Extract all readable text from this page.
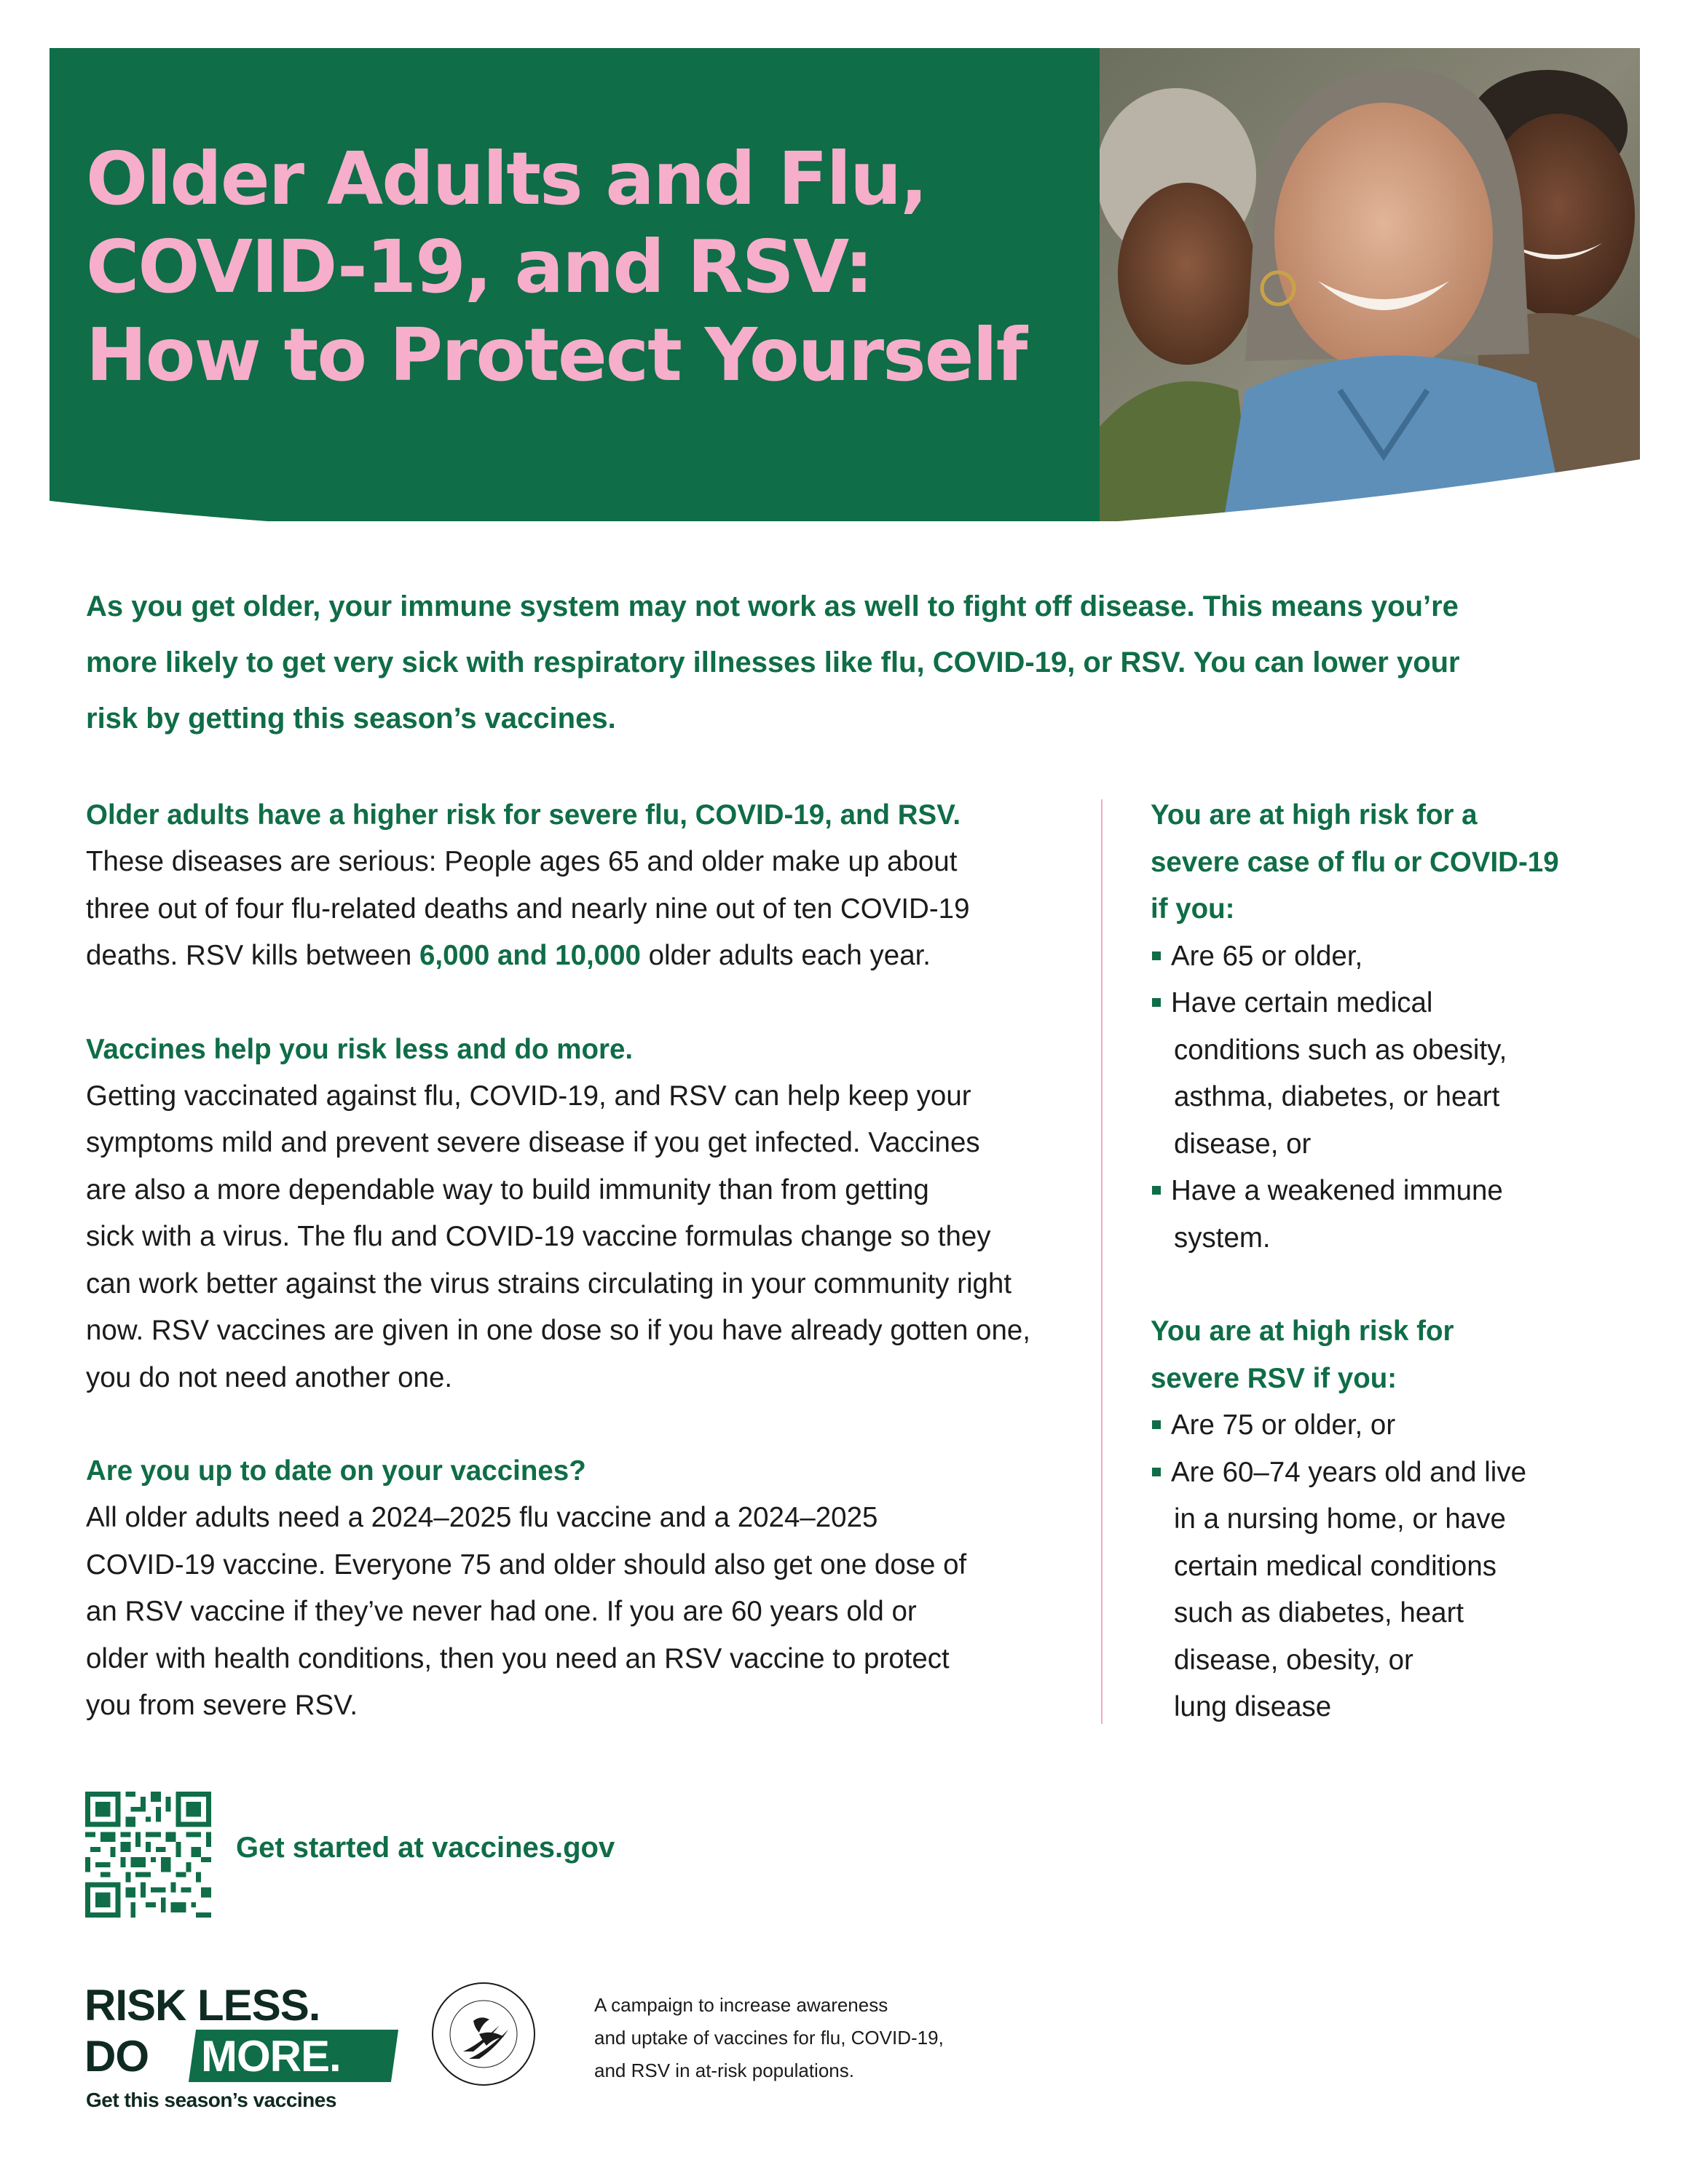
Older Adults and Flu,
COVID-19, and RSV:
How to Protect Yourself

As you get older, your immune system may not work as well to fight off disease. This means you’re
more likely to get very sick with respiratory illnesses like flu, COVID-19, or RSV. You can lower your
risk by getting this season’s vaccines.

Older adults have a higher risk for severe flu, COVID-19, and RSV.

These diseases are serious: People ages 65 and older make up about
three out of four flu-related deaths and nearly nine out of ten COVID-19
deaths. RSV kills between 6,000 and 10,000 older adults each year.

Vaccines help you risk less and do more.

Getting vaccinated against flu, COVID-19, and RSV can help keep your
symptoms mild and prevent severe disease if you get infected. Vaccines
are also a more dependable way to build immunity than from getting
sick with a virus. The flu and COVID-19 vaccine formulas change so they
can work better against the virus strains circulating in your community right
now. RSV vaccines are given in one dose so if you have already gotten one,
you do not need another one.

Are you up to date on your vaccines?

All older adults need a 2024–2025 flu vaccine and a 2024–2025
COVID-19 vaccine. Everyone 75 and older should also get one dose of
an RSV vaccine if they’ve never had one. If you are 60 years old or
older with health conditions, then you need an RSV vaccine to protect
you from severe RSV.

You are at high risk for a

severe case of flu or COVID-19

if you:

Are 65 or older,
Have certain medical
conditions such as obesity,
asthma, diabetes, or heart
disease, or
Have a weakened immune
system.

You are at high risk for

severe RSV if you:

Are 75 or older, or
Are 60–74 years old and live
in a nursing home, or have
certain medical conditions
such as diabetes, heart
disease, obesity, or
lung disease
Get started at vaccines.gov
RISK LESS.
DO MORE.
Get this season’s vaccines
A campaign to increase awareness
and uptake of vaccines for flu, COVID-19,
and RSV in at-risk populations.
